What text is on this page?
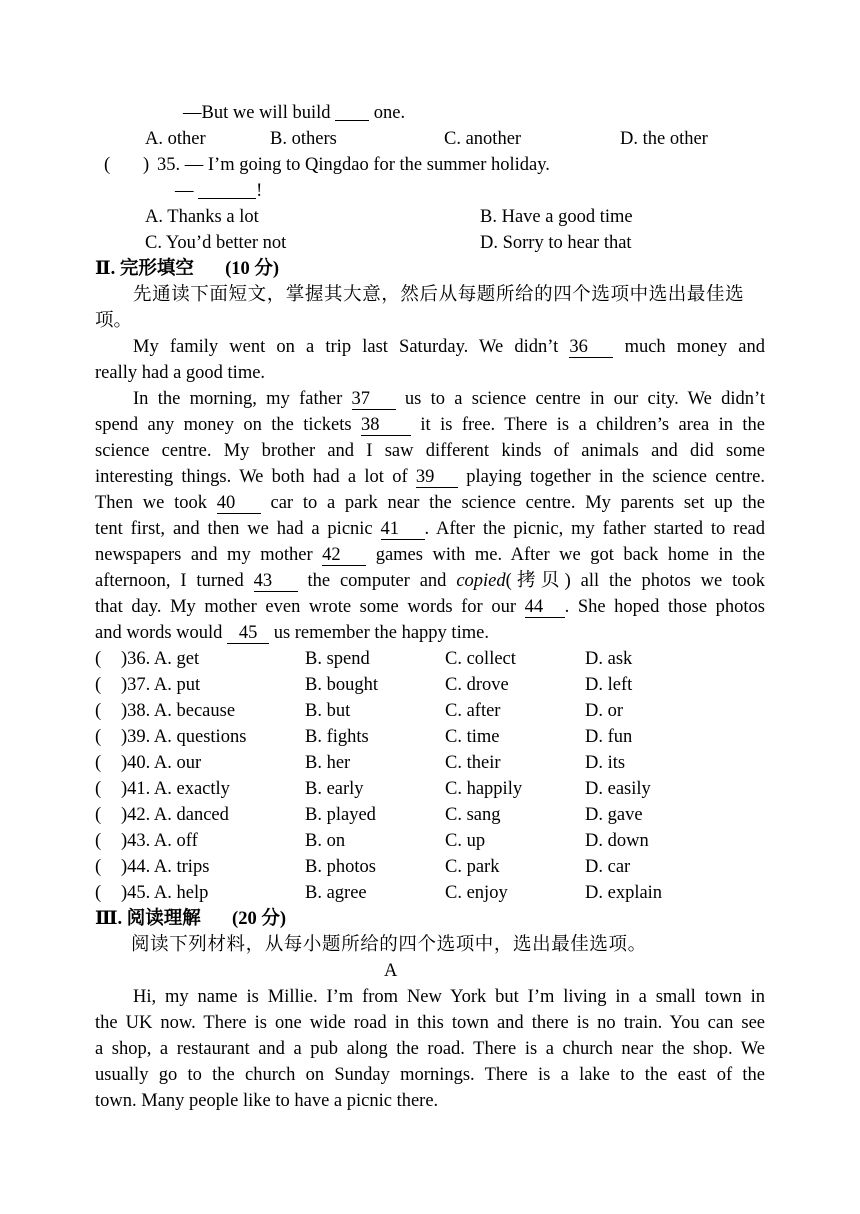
—But we will build one.
A. other	B. others	C. another	D. the other
( ) 35. — I’m going to Qingdao for the summer holiday.
—	!
A. Thanks a lot	B. Have a good time
C. You’d better not	D. Sorry to hear that
Ⅱ. 完形填空 (10 分)
先通读下面短文，掌握其大意，然后从每题所给的四个选项中选出最佳选
项。
My family went on a trip last Saturday. We didn’t 36 much money and
really had a good time.
In the morning, my father 37 us to a science centre in our city. We didn’t
spend any money on the tickets 38 it is free. There is a children’s area in the
science centre. My brother and I saw different kinds of animals and did some
interesting things. We both had a lot of 39 playing together in the science centre.
Then we took 40 car to a park near the science centre. My parents set up the
tent first, and then we had a picnic 41 . After the picnic, my father started to read
newspapers and my mother 42 games with me. After we got back home in the
afternoon, I turned 43 the computer and copied(拷贝) all the photos we took
that day. My mother even wrote some words for our 44 . She hoped those photos
and words would 45 us remember the happy time.
( )36. A. get	B. spend	C. collect	D. ask
( )37. A. put	B. bought	C. drove	D. left
( )38. A. because	B. but	C. after	D. or
( )39. A. questions	B. fights	C. time	D. fun
( )40. A. our	B. her	C. their	D. its
( )41. A. exactly	B. early	C. happily	D. easily
( )42. A. danced	B. played	C. sang	D. gave
( )43. A. off	B. on	C. up	D. down
( )44. A. trips	B. photos	C. park	D. car
( )45. A. help	B. agree	C. enjoy	D. explain
Ⅲ. 阅读理解 (20 分)
阅读下列材料，从每小题所给的四个选项中，选出最佳选项。
A
Hi, my name is Millie. I’m from New York but I’m living in a small town in
the UK now. There is one wide road in this town and there is no train. You can see
a shop, a restaurant and a pub along the road. There is a church near the shop. We
usually go to the church on Sunday mornings. There is a lake to the east of the
town. Many people like to have a picnic there.
